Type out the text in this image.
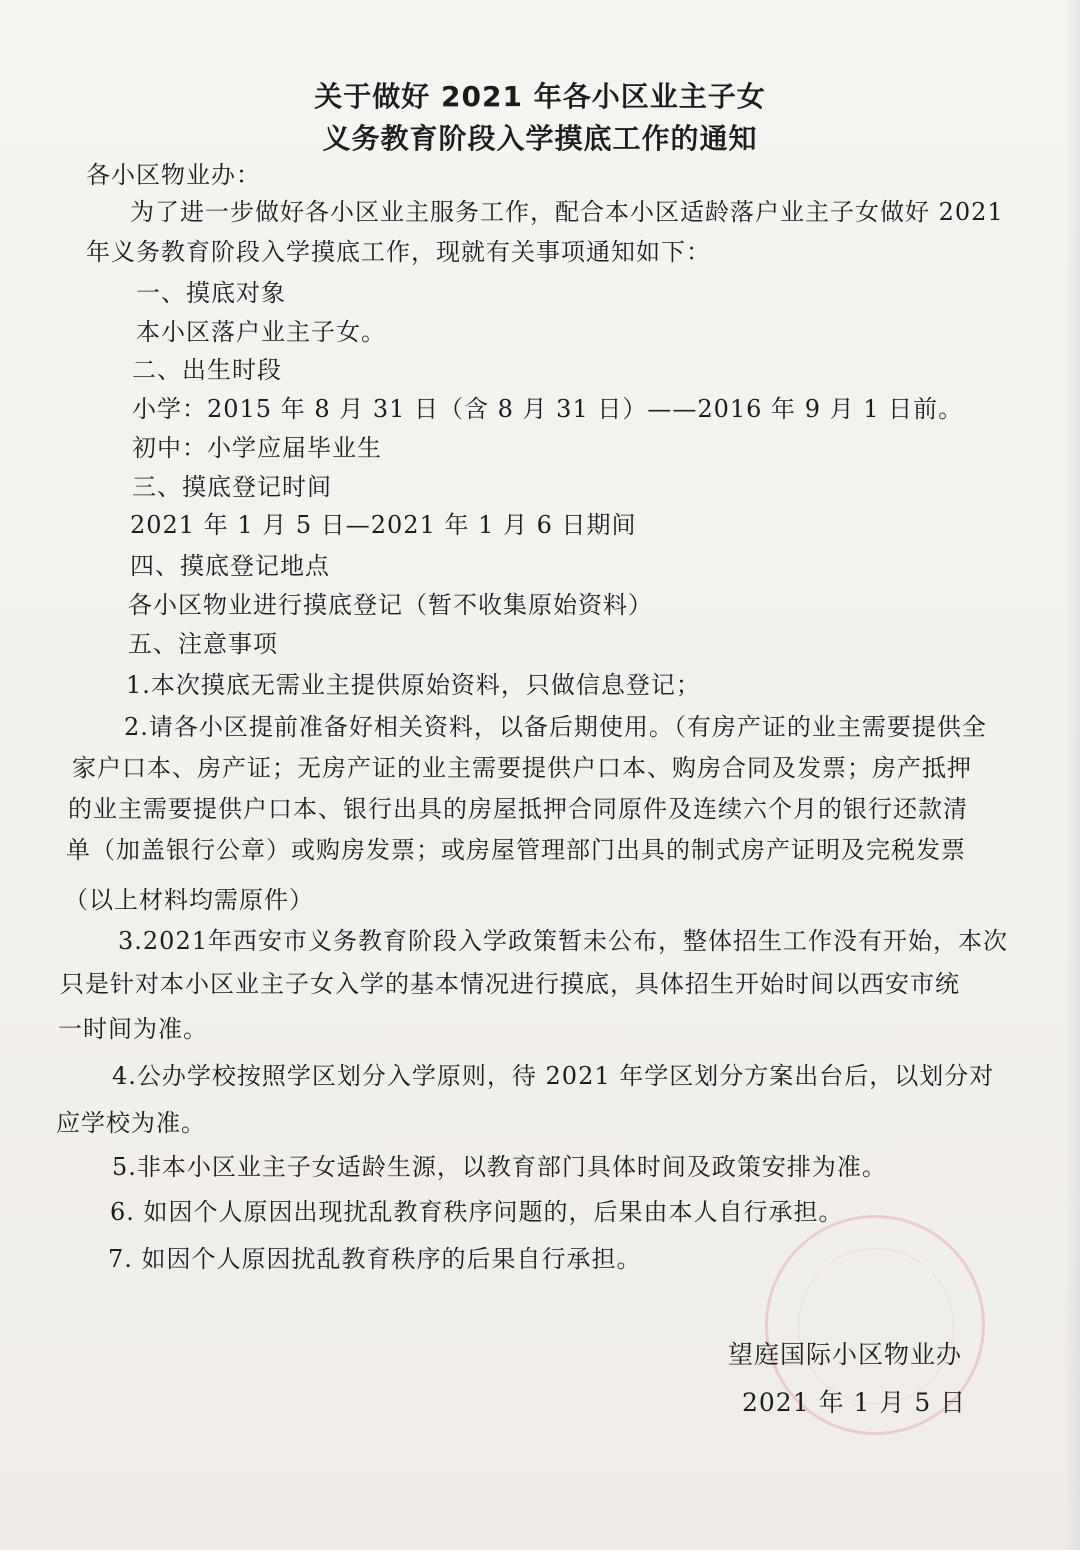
关于做好 2021 年各小区业主子女
义务教育阶段入学摸底工作的通知
各小区物业办：
为了进一步做好各小区业主服务工作，配合本小区适龄落户业主子女做好 2021
年义务教育阶段入学摸底工作，现就有关事项通知如下：
一、摸底对象
本小区落户业主子女。
二、出生时段
小学：2015 年 8 月 31 日（含 8 月 31 日）——2016 年 9 月 1 日前。
初中：小学应届毕业生
三、摸底登记时间
2021 年 1 月 5 日—2021 年 1 月 6 日期间
四、摸底登记地点
各小区物业进行摸底登记（暂不收集原始资料）
五、注意事项
1.本次摸底无需业主提供原始资料，只做信息登记；
2.请各小区提前准备好相关资料，以备后期使用。（有房产证的业主需要提供全
家户口本、房产证；无房产证的业主需要提供户口本、购房合同及发票；房产抵押
的业主需要提供户口本、银行出具的房屋抵押合同原件及连续六个月的银行还款清
单（加盖银行公章）或购房发票；或房屋管理部门出具的制式房产证明及完税发票
（以上材料均需原件）
3.2021年西安市义务教育阶段入学政策暂未公布，整体招生工作没有开始，本次
只是针对本小区业主子女入学的基本情况进行摸底，具体招生开始时间以西安市统
一时间为准。
4.公办学校按照学区划分入学原则，待 2021 年学区划分方案出台后，以划分对
应学校为准。
5.非本小区业主子女适龄生源，以教育部门具体时间及政策安排为准。
6. 如因个人原因出现扰乱教育秩序问题的，后果由本人自行承担。
7. 如因个人原因扰乱教育秩序的后果自行承担。
望庭国际小区物业办
2021 年 1 月 5 日
